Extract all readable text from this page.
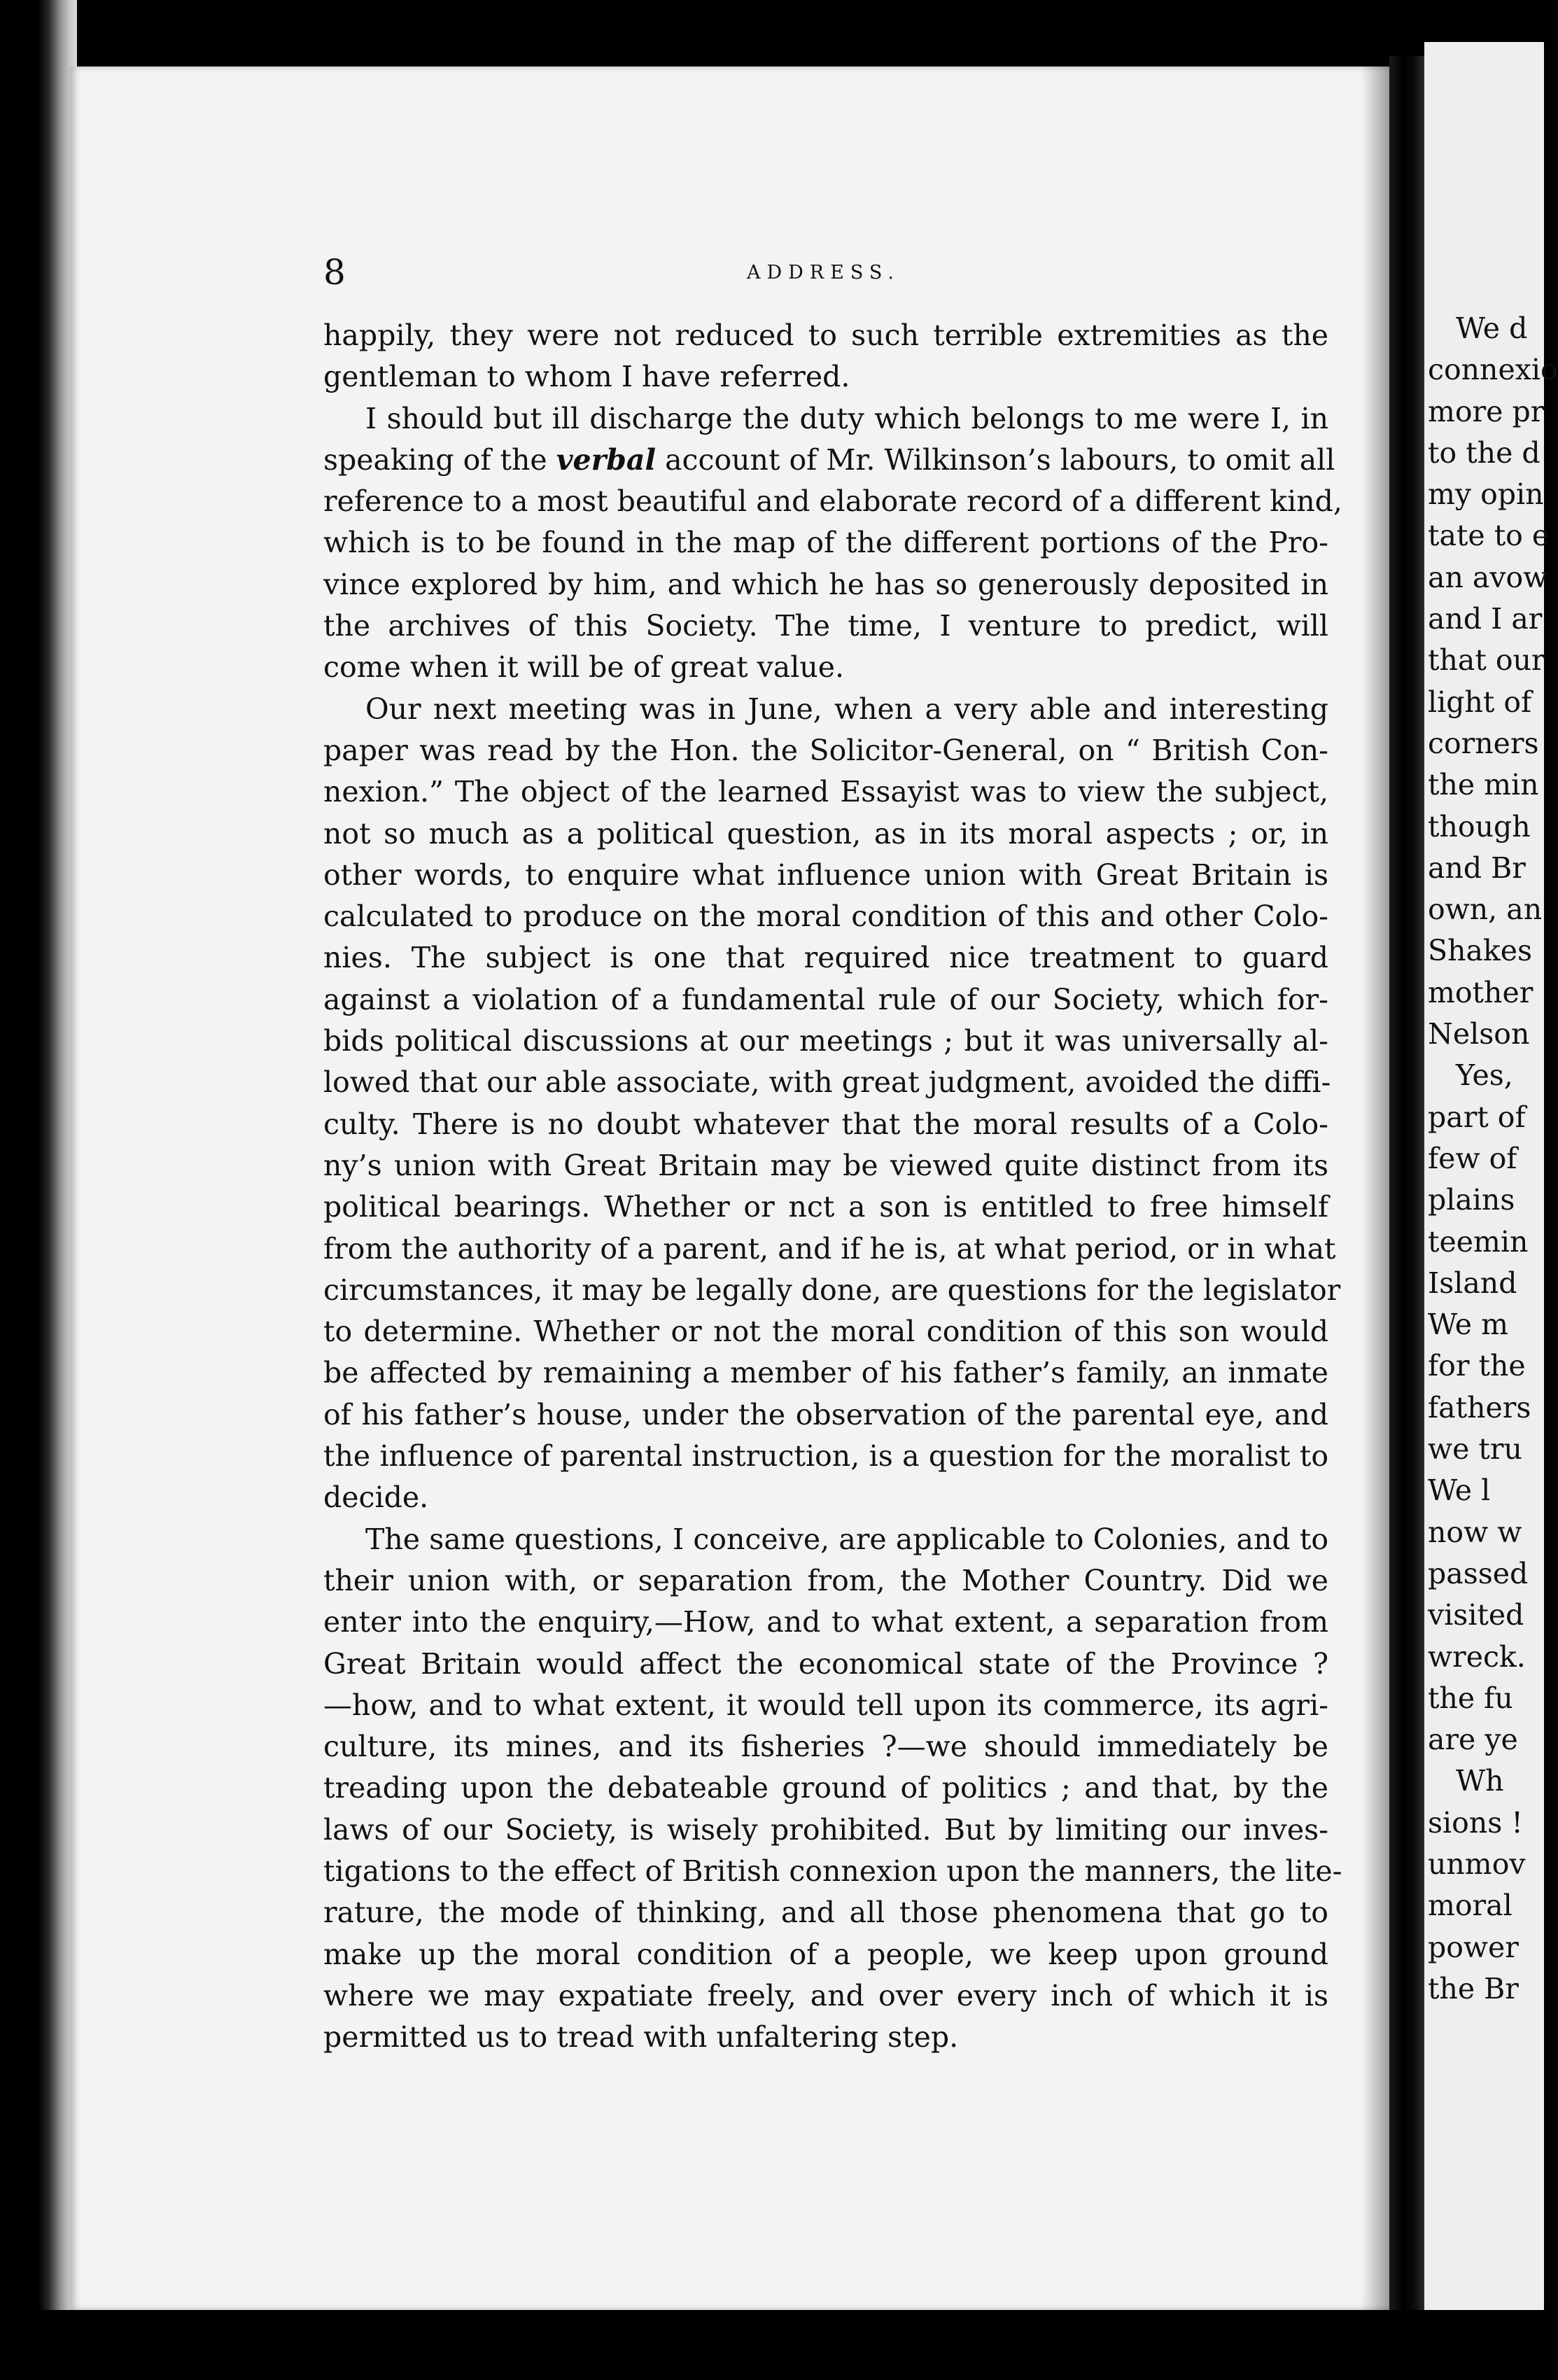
We d
connexio
more pr
to the d
my opin
tate to e
an avow
and I ar
that our
light of
corners
the min
though
and Br
own, an
Shakes
mother
Nelson
Yes,
part of
few of
plains
teemin
Island
We m
for the
fathers
we tru
We l
now w
passed
visited
wreck.
the fu
are ye
Wh
sions !
unmov
moral
power
the Br
8	ADDRESS.
happily, they were not reduced to such terrible extremities as the
gentleman to whom I have referred.
I should but ill discharge the duty which belongs to me were I, in
speaking of the verbal account of Mr. Wilkinson’s labours, to omit all
reference to a most beautiful and elaborate record of a different kind,
which is to be found in the map of the different portions of the Pro-
vince explored by him, and which he has so generously deposited in
the archives of this Society. The time, I venture to predict, will
come when it will be of great value.
Our next meeting was in June, when a very able and interesting
paper was read by the Hon. the Solicitor-General, on “ British Con-
nexion.” The object of the learned Essayist was to view the subject,
not so much as a political question, as in its moral aspects ; or, in
other words, to enquire what influence union with Great Britain is
calculated to produce on the moral condition of this and other Colo-
nies. The subject is one that required nice treatment to guard
against a violation of a fundamental rule of our Society, which for-
bids political discussions at our meetings ; but it was universally al-
lowed that our able associate, with great judgment, avoided the diffi-
culty. There is no doubt whatever that the moral results of a Colo-
ny’s union with Great Britain may be viewed quite distinct from its
political bearings. Whether or nct a son is entitled to free himself
from the authority of a parent, and if he is, at what period, or in what
circumstances, it may be legally done, are questions for the legislator
to determine. Whether or not the moral condition of this son would
be affected by remaining a member of his father’s family, an inmate
of his father’s house, under the observation of the parental eye, and
the influence of parental instruction, is a question for the moralist to
decide.
The same questions, I conceive, are applicable to Colonies, and to
their union with, or separation from, the Mother Country. Did we
enter into the enquiry,—How, and to what extent, a separation from
Great Britain would affect the economical state of the Province ?
—how, and to what extent, it would tell upon its commerce, its agri-
culture, its mines, and its fisheries ?—we should immediately be
treading upon the debateable ground of politics ; and that, by the
laws of our Society, is wisely prohibited. But by limiting our inves-
tigations to the effect of British connexion upon the manners, the lite-
rature, the mode of thinking, and all those phenomena that go to
make up the moral condition of a people, we keep upon ground
where we may expatiate freely, and over every inch of which it is
permitted us to tread with unfaltering step.
